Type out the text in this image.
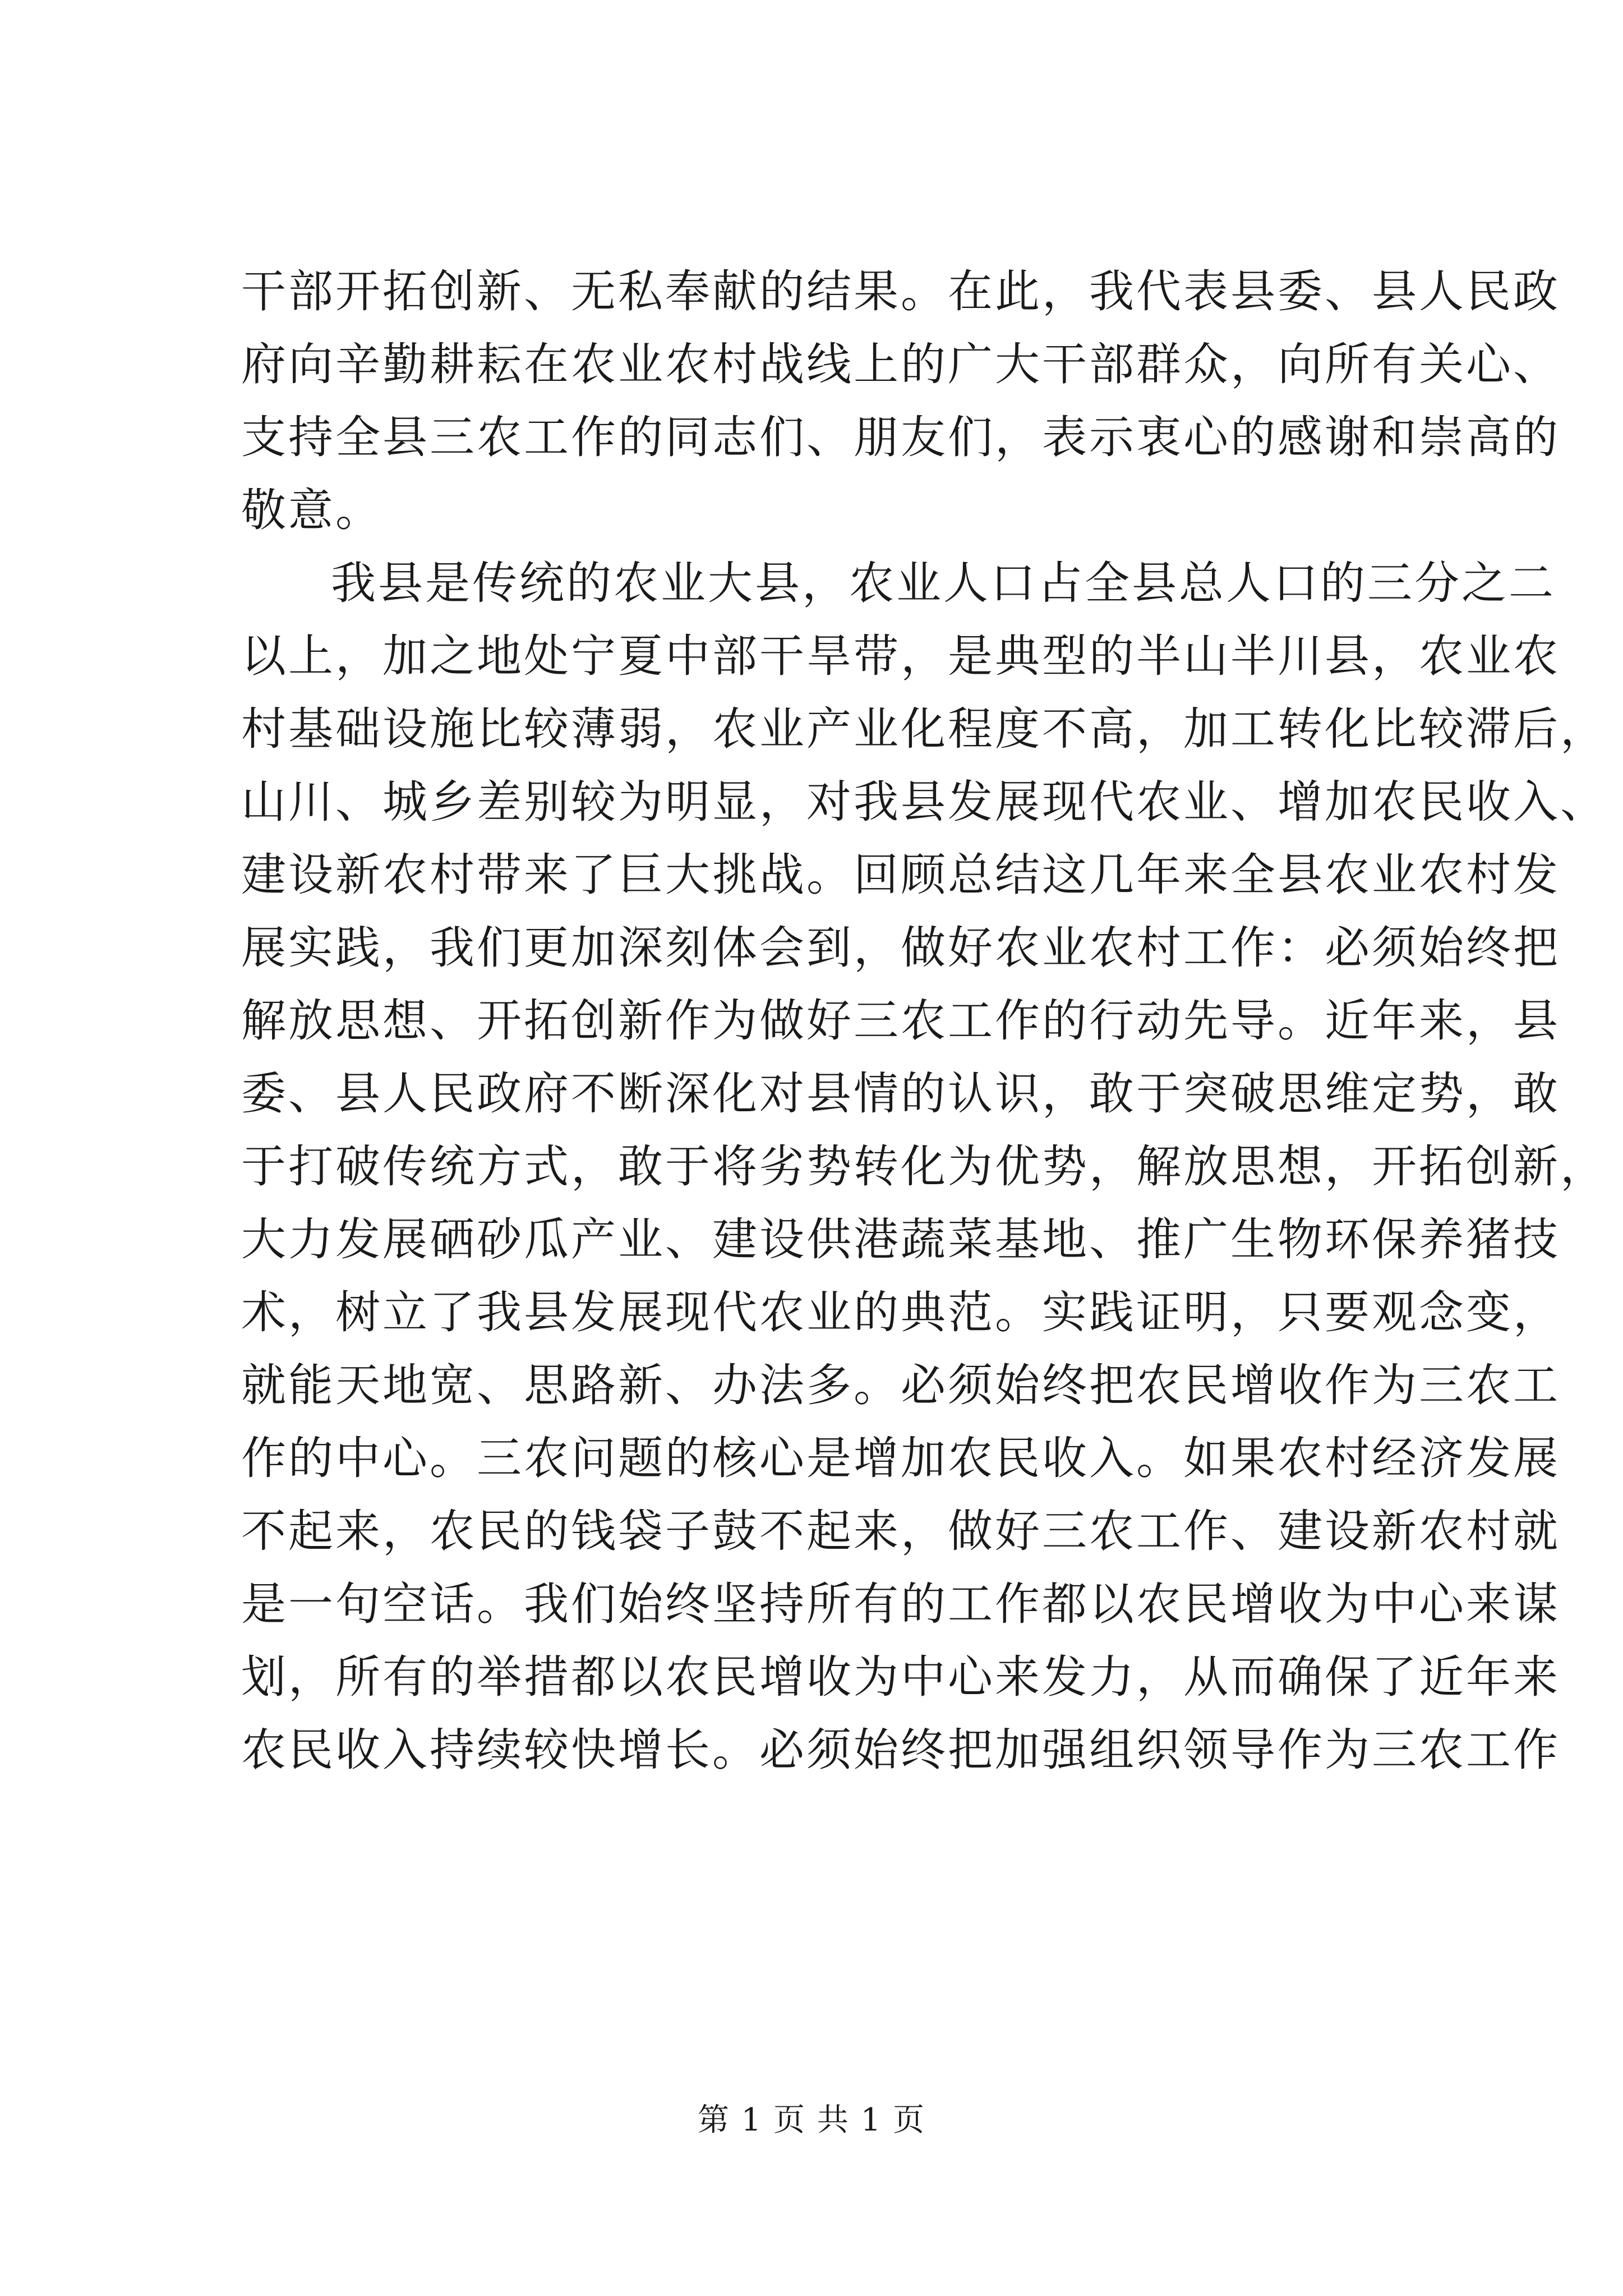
干部开拓创新、无私奉献的结果。在此，我代表县委、县人民政
府向辛勤耕耘在农业农村战线上的广大干部群众，向所有关心、
支持全县三农工作的同志们、朋友们，表示衷心的感谢和崇高的
敬意。
我县是传统的农业大县，农业人口占全县总人口的三分之二
以上，加之地处宁夏中部干旱带，是典型的半山半川县，农业农
村基础设施比较薄弱，农业产业化程度不高，加工转化比较滞后，
山川、城乡差别较为明显，对我县发展现代农业、增加农民收入、
建设新农村带来了巨大挑战。回顾总结这几年来全县农业农村发
展实践，我们更加深刻体会到，做好农业农村工作：必须始终把
解放思想、开拓创新作为做好三农工作的行动先导。近年来，县
委、县人民政府不断深化对县情的认识，敢于突破思维定势，敢
于打破传统方式，敢于将劣势转化为优势，解放思想，开拓创新，
大力发展硒砂瓜产业、建设供港蔬菜基地、推广生物环保养猪技
术，树立了我县发展现代农业的典范。实践证明，只要观念变，
就能天地宽、思路新、办法多。必须始终把农民增收作为三农工
作的中心。三农问题的核心是增加农民收入。如果农村经济发展
不起来，农民的钱袋子鼓不起来，做好三农工作、建设新农村就
是一句空话。我们始终坚持所有的工作都以农民增收为中心来谋
划，所有的举措都以农民增收为中心来发力，从而确保了近年来
农民收入持续较快增长。必须始终把加强组织领导作为三农工作
第 1 页 共 1 页
